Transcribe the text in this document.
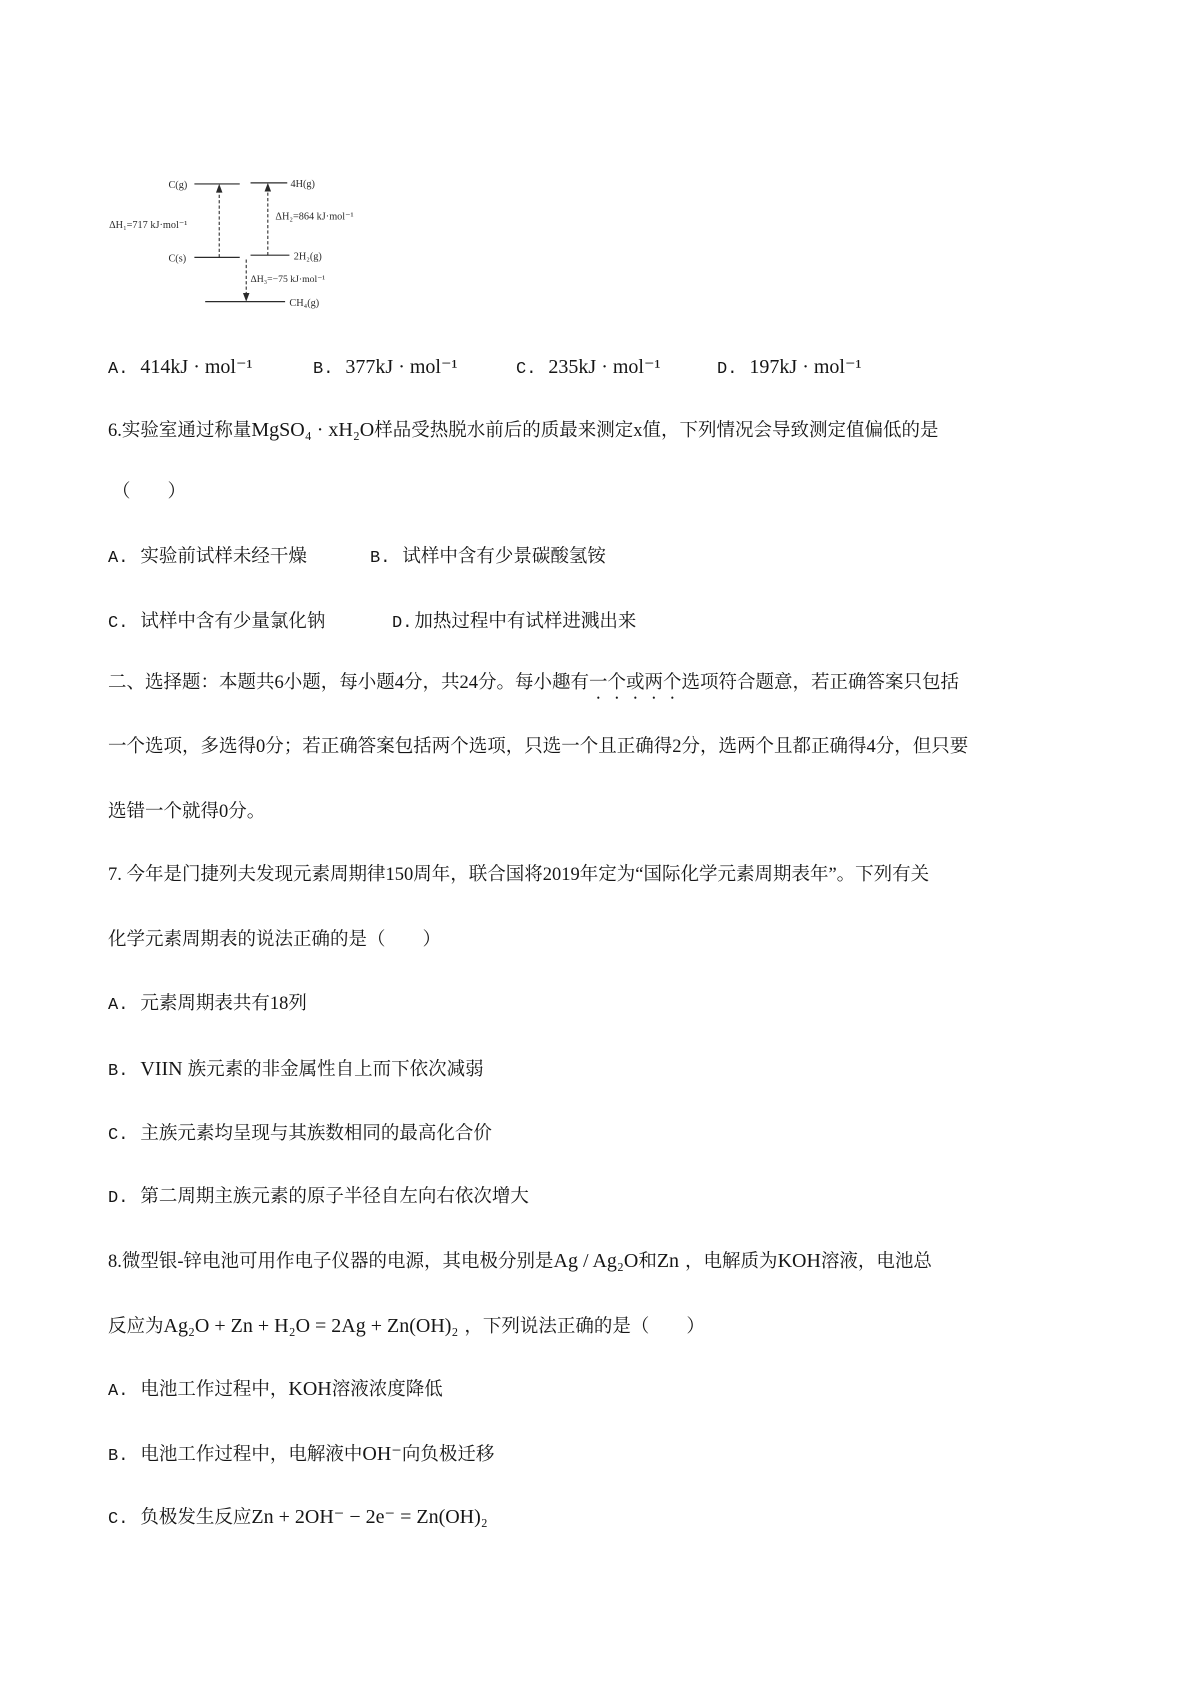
C(g)	4H(g)
ΔH₁=717 kJ·mol⁻¹
ΔH₂=864 kJ·mol⁻¹
C(s)	2H₂(g)
ΔH₃=−75 kJ·mol⁻¹
CH₄(g)
A. 414kJ · mol⁻¹	B. 377kJ · mol⁻¹	C. 235kJ · mol⁻¹	D. 197kJ · mol⁻¹
6.实验室通过称量MgSO₄ · xH₂O样品受热脱水前后的质最来测定x值，下列情况会导致测定值偏低的是
（　　）
A. 实验前试样未经干燥	B. 试样中含有少景碳酸氢铵
C. 试样中含有少量氯化钠	D. 加热过程中有试样进溅出来
二、选择题：本题共6小题，每小题4分，共24分。每小趣有一个或两个选项符合题意，若正确答案只包括
一个选项，多选得0分；若正确答案包括两个选项，只选一个且正确得2分，选两个且都正确得4分，但只要
选错一个就得0分。
7. 今年是门捷列夫发现元素周期律150周年，联合国将2019年定为“国际化学元素周期表年”。下列有关
化学元素周期表的说法正确的是（　　）
A. 元素周期表共有18列
B. VIIN 族元素的非金属性自上而下依次减弱
C. 主族元素均呈现与其族数相同的最高化合价
D. 第二周期主族元素的原子半径自左向右依次增大
8.微型银-锌电池可用作电子仪器的电源，其电极分别是Ag / Ag₂O和Zn ，电解质为KOH溶液，电池总
反应为Ag₂O + Zn + H₂O = 2Ag + Zn(OH)₂ ，下列说法正确的是（　　）
A. 电池工作过程中，KOH溶液浓度降低
B. 电池工作过程中，电解液中OH⁻向负极迁移
C. 负极发生反应Zn + 2OH⁻ − 2e⁻ = Zn(OH)₂
